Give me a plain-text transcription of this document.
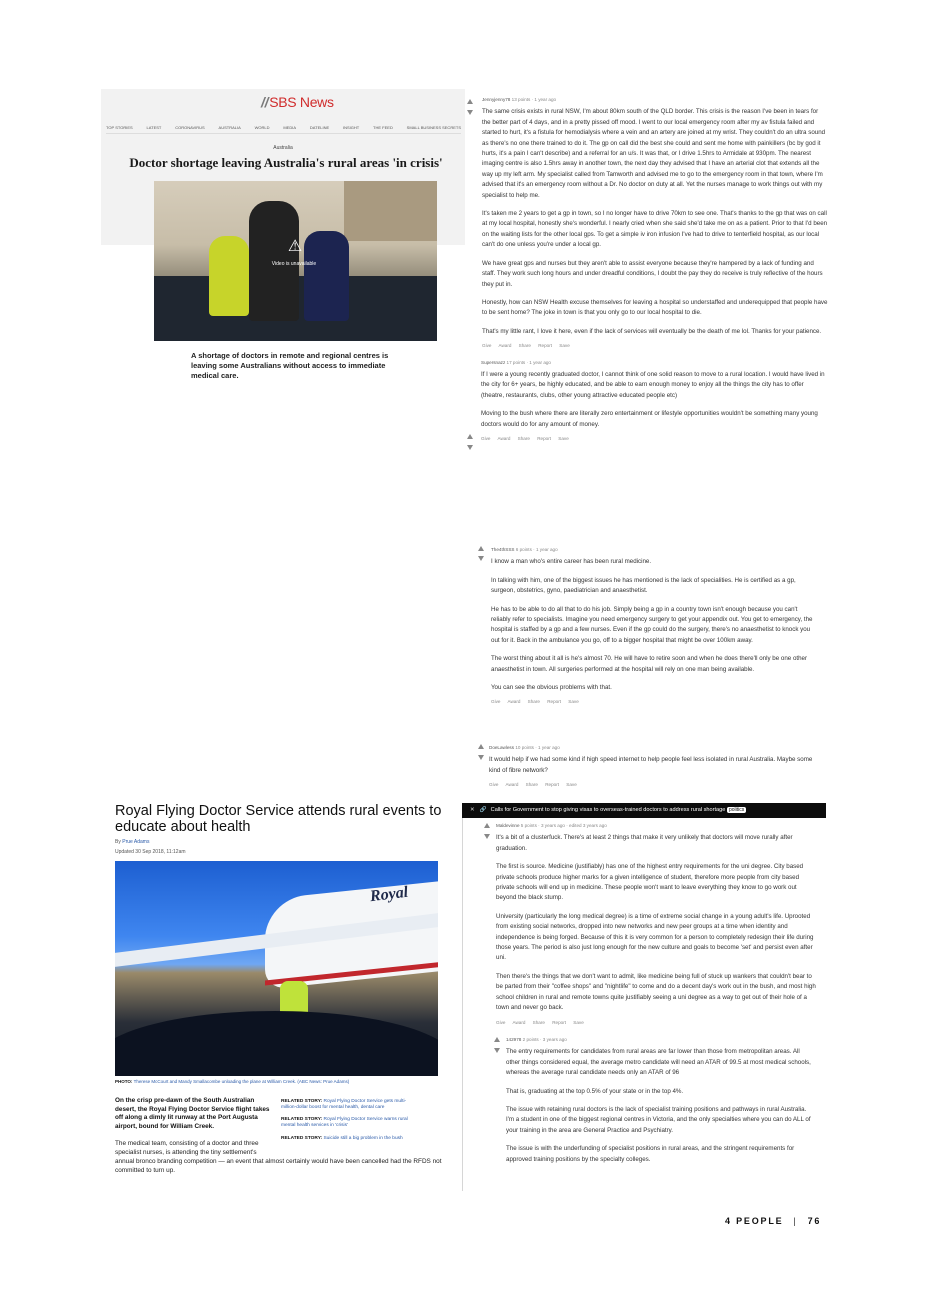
//SBS News
TOP STORIES	LATEST	CORONAVIRUS	AUSTRALIA	WORLD	MEDIA	DATELINE	INSIGHT	THE FEED	SMALL BUSINESS SECRETS
Australia
Doctor shortage leaving Australia's rural areas 'in crisis'
⚠
Video is unavailable
A shortage of doctors in remote and regional centres is leaving some Australians without access to immediate medical care.
Jennyjenny78 13 points · 1 year ago

The same crisis exists in rural NSW, I'm about 80km south of the QLD border. This crisis is the reason I've been in tears for the better part of 4 days, and in a pretty pissed off mood. I went to our local emergency room after my av fistula failed and started to hurt, it's a fistula for hemodialysis where a vein and an artery are joined at my wrist. They couldn't do an ultra sound as there's no one there trained to do it. The gp on call did the best she could and sent me home with painkillers (bc by god it hurts, it's a pain I can't describe) and a referral for an u/s. It was that, or I drive 1.5hrs to Armidale at 930pm. The nearest imaging centre is also 1.5hrs away in another town, the next day they advised that I have an arterial clot that extends all the way up my left arm. My specialist called from Tamworth and advised me to go to the emergency room in that town, where I'm advised that it's an emergency room without a Dr. No doctor on duty at all. Yet the nurses manage to work things out with my specialist to help me.

It's taken me 2 years to get a gp in town, so I no longer have to drive 70km to see one. That's thanks to the gp that was on call at my local hospital, honestly she's wonderful. I nearly cried when she said she'd take me on as a patient. Prior to that I'd been on the waiting lists for the other local gps. To get a simple iv iron infusion I've had to drive to tenterfield hospital, as our local can't do one unless you're under a local gp.

We have great gps and nurses but they aren't able to assist everyone because they're hampered by a lack of funding and staff. They work such long hours and under dreadful conditions, I doubt the pay they do receive is truly reflective of the hours they put in.

Honestly, how can NSW Health excuse themselves for leaving a hospital so understaffed and underequipped that people have to be sent home? The joke in town is that you only go to our local hospital to die.

That's my little rant, I love it here, even if the lack of services will eventually be the death of me lol. Thanks for your patience.

Give Award Share Report Save
Supersnazz 17 points · 1 year ago

If I were a young recently graduated doctor, I cannot think of one solid reason to move to a rural location. I would have lived in the city for 6+ years, be highly educated, and be able to earn enough money to enjoy all the things the city has to offer (theatre, restaurants, clubs, other young attractive educated people etc)

Moving to the bush where there are literally zero entertainment or lifestyle opportunities wouldn't be something many young doctors would do for any amount of money.

Give Award Share Report Save
The4thSSS 6 points · 1 year ago

I know a man who's entire career has been rural medicine.

In talking with him, one of the biggest issues he has mentioned is the lack of specialities. He is certified as a gp, surgeon, obstetrics, gyno, paediatrician and anaesthetist.

He has to be able to do all that to do his job. Simply being a gp in a country town isn't enough because you can't reliably refer to specialists. Imagine you need emergency surgery to get your appendix out. You get to emergency, the hospital is staffed by a gp and a few nurses. Even if the gp could do the surgery, there's no anaesthetist to knock you out for it. Back in the ambulance you go, off to a bigger hospital that might be over 100km away.

The worst thing about it all is he's almost 70. He will have to retire soon and when he does there'll only be one other anaesthetist in town. All surgeries performed at the hospital will rely on one man being available.

You can see the obvious problems with that.

Give Award Share Report Save
DoeLawless 10 points · 1 year ago

It would help if we had some kind if high speed internet to help people feel less isolated in rural Australia. Maybe some kind of fibre network?

Give Award Share Report Save
Royal Flying Doctor Service attends rural events to educate about health
By Prue Adams
Updated 30 Sep 2018, 11:12am
Royal
PHOTO: Therese McCourt and Mandy Smallacombe unloading the plane at William Creek. (ABC News: Prue Adams)
On the crisp pre-dawn of the South Australian desert, the Royal Flying Doctor Service flight takes off along a dimly lit runway at the Port Augusta airport, bound for William Creek.
RELATED STORY: Royal Flying Doctor Service gets multi-million-dollar boost for mental health, dental care
RELATED STORY: Royal Flying Doctor Service warns rural mental health services in 'crisis'
RELATED STORY: Suicide still a big problem in the bush
The medical team, consisting of a doctor and three specialist nurses, is attending the tiny settlement's
annual bronco branding competition — an event that almost certainly would have been cancelled had the RFDS not committed to turn up.
✕ 🔗 Calls for Government to stop giving visas to overseas-trained doctors to address rural shortage politics
Maldevinne 5 points · 3 years ago · edited 3 years ago

It's a bit of a clusterfuck. There's at least 2 things that make it very unlikely that doctors will move rurally after graduation.

The first is source. Medicine (justifiably) has one of the highest entry requirements for the uni degree. City based private schools produce higher marks for a given intelligence of student, therefore more people from city based private schools will end up in medicine. These people won't want to leave everything they know to go work out beyond the black stump.

University (particularly the long medical degree) is a time of extreme social change in a young adult's life. Uprooted from existing social networks, dropped into new networks and new peer groups at a time when identity and independence is being forged. Because of this it is very common for a person to completely redesign their life during those years. The period is also just long enough for the new culture and goals to become 'set' and persist even after uni.

Then there's the things that we don't want to admit, like medicine being full of stuck up wankers that couldn't bear to be parted from their "coffee shops" and "nightlife" to come and do a decent day's work out in the bush, and most high school children in rural and remote towns quite justifiably seeing a uni degree as a way to get out of their hole of a town and never go back.

Give Award Share Report Save
142978 2 points · 3 years ago

The entry requirements for candidates from rural areas are far lower than those from metropolitan areas. All other things considered equal, the average metro candidate will need an ATAR of 99.5 at most medical schools, whereas the average rural candidate needs only an ATAR of 96

That is, graduating at the top 0.5% of your state or in the top 4%.

The issue with retaining rural doctors is the lack of specialist training positions and pathways in rural Australia. I'm a student in one of the biggest regional centres in Victoria, and the only specialties where you can do ALL of your training in the area are General Practice and Psychiatry.

The issue is with the underfunding of specialist positions in rural areas, and the stringent requirements for approved training positions by the specialty colleges.

4 PEOPLE | 76
